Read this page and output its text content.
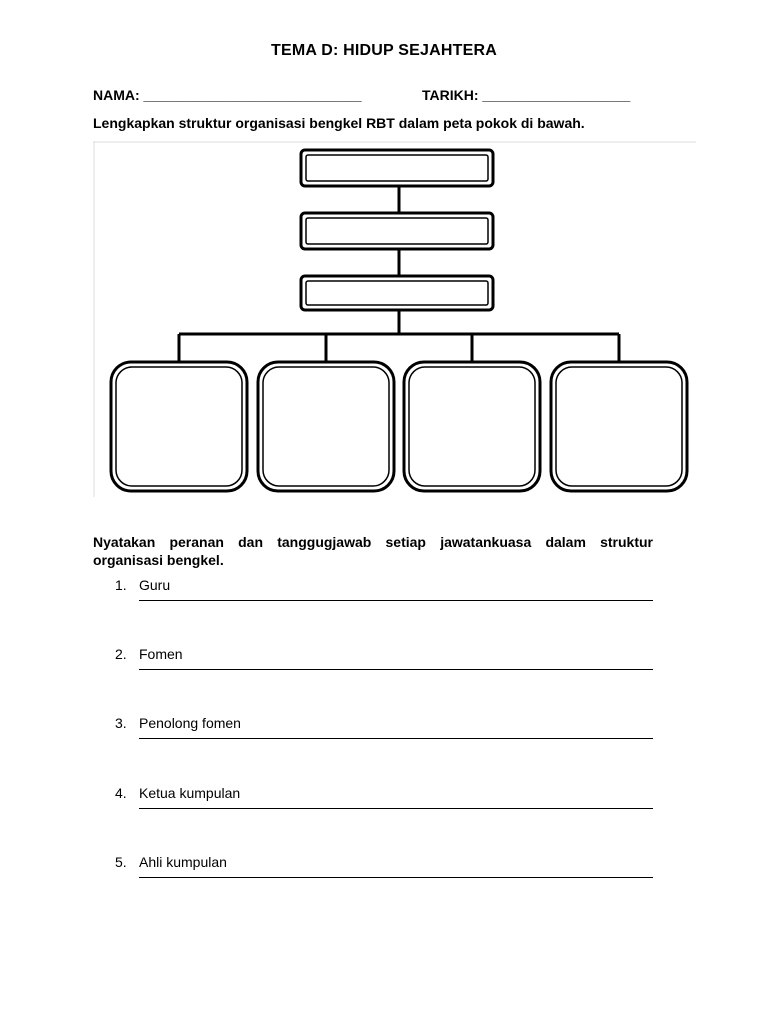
TEMA D: HIDUP SEJAHTERA
NAMA: ____________________________	TARIKH: ___________________
Lengkapkan struktur organisasi bengkel RBT dalam peta pokok di bawah.
Nyatakan peranan dan tanggugjawab setiap jawatankuasa dalam struktur organisasi bengkel.
1. Guru
2. Fomen
3. Penolong fomen
4. Ketua kumpulan
5. Ahli kumpulan
